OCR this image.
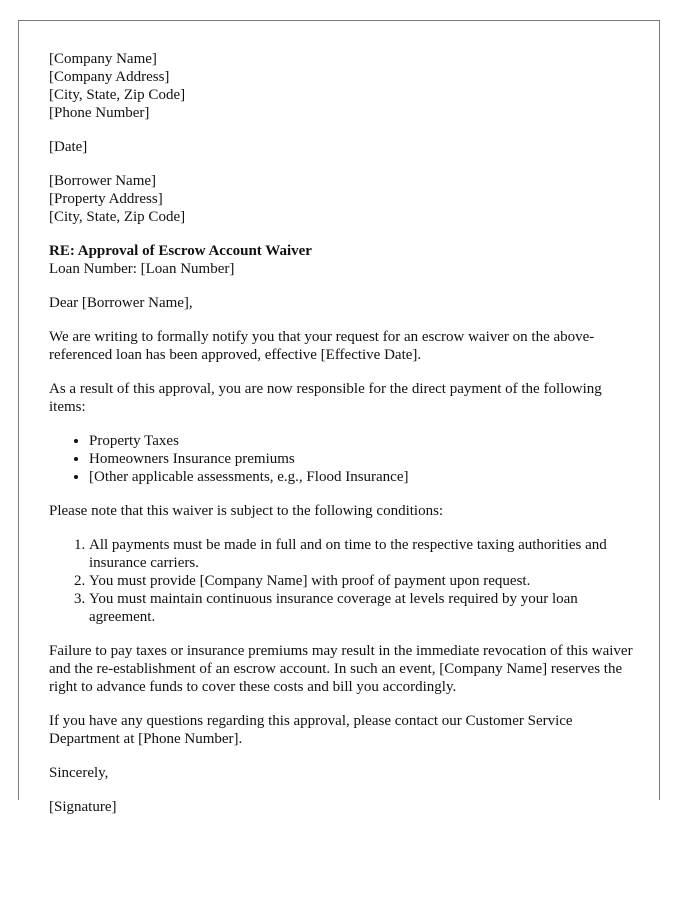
[Company Name]
[Company Address]
[City, State, Zip Code]
[Phone Number]
[Date]
[Borrower Name]
[Property Address]
[City, State, Zip Code]
RE: Approval of Escrow Account Waiver
Loan Number: [Loan Number]

Dear [Borrower Name],

We are writing to formally notify you that your request for an escrow waiver on the above-referenced loan has been approved, effective [Effective Date].

As a result of this approval, you are now responsible for the direct payment of the following items:

• Property Taxes
• Homeowners Insurance premiums
• [Other applicable assessments, e.g., Flood Insurance]

Please note that this waiver is subject to the following conditions:

1. All payments must be made in full and on time to the respective taxing authorities and insurance carriers.
2. You must provide [Company Name] with proof of payment upon request.
3. You must maintain continuous insurance coverage at levels required by your loan agreement.

Failure to pay taxes or insurance premiums may result in the immediate revocation of this waiver and the re-establishment of an escrow account. In such an event, [Company Name] reserves the right to advance funds to cover these costs and bill you accordingly.

If you have any questions regarding this approval, please contact our Customer Service Department at [Phone Number].

Sincerely,

[Signature]
